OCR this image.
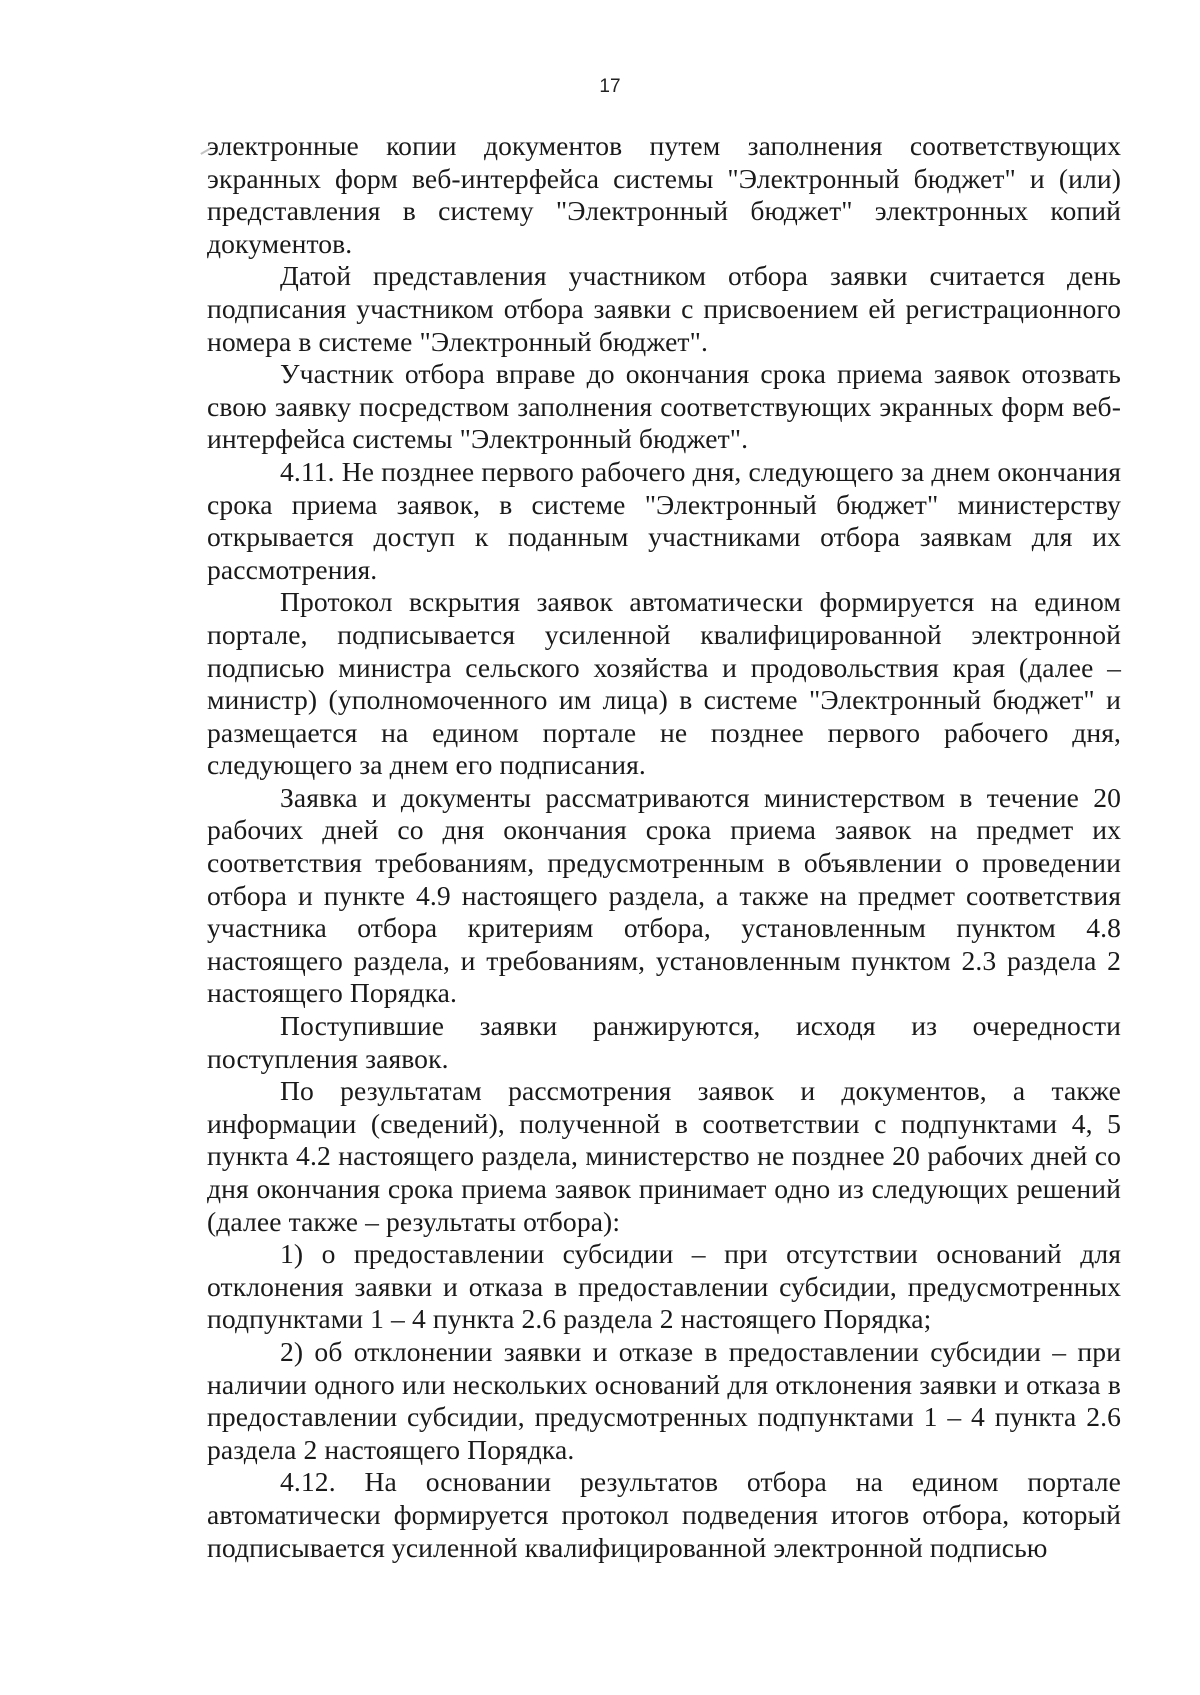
17

электронные копии документов путем заполнения соответствующих экранных форм веб-интерфейса системы "Электронный бюджет" и (или) представления в систему "Электронный бюджет" электронных копий документов.

Датой представления участником отбора заявки считается день подписания участником отбора заявки с присвоением ей регистрационного номера в системе "Электронный бюджет".

Участник отбора вправе до окончания срока приема заявок отозвать свою заявку посредством заполнения соответствующих экранных форм веб-интерфейса системы "Электронный бюджет".

4.11. Не позднее первого рабочего дня, следующего за днем окончания срока приема заявок, в системе "Электронный бюджет" министерству открывается доступ к поданным участниками отбора заявкам для их рассмотрения.

Протокол вскрытия заявок автоматически формируется на едином портале, подписывается усиленной квалифицированной электронной подписью министра сельского хозяйства и продовольствия края (далее – министр) (уполномоченного им лица) в системе "Электронный бюджет" и размещается на едином портале не позднее первого рабочего дня, следующего за днем его подписания.

Заявка и документы рассматриваются министерством в течение 20 рабочих дней со дня окончания срока приема заявок на предмет их соответствия требованиям, предусмотренным в объявлении о проведении отбора и пункте 4.9 настоящего раздела, а также на предмет соответствия участника отбора критериям отбора, установленным пунктом 4.8 настоящего раздела, и требованиям, установленным пунктом 2.3 раздела 2 настоящего Порядка.

Поступившие заявки ранжируются, исходя из очередности поступления заявок.

По результатам рассмотрения заявок и документов, а также информации (сведений), полученной в соответствии с подпунктами 4, 5 пункта 4.2 настоящего раздела, министерство не позднее 20 рабочих дней со дня окончания срока приема заявок принимает одно из следующих решений (далее также – результаты отбора):

1) о предоставлении субсидии – при отсутствии оснований для отклонения заявки и отказа в предоставлении субсидии, предусмотренных подпунктами 1 – 4 пункта 2.6 раздела 2 настоящего Порядка;

2) об отклонении заявки и отказе в предоставлении субсидии – при наличии одного или нескольких оснований для отклонения заявки и отказа в предоставлении субсидии, предусмотренных подпунктами 1 – 4 пункта 2.6 раздела 2 настоящего Порядка.

4.12. На основании результатов отбора на едином портале автоматически формируется протокол подведения итогов отбора, который подписывается усиленной квалифицированной электронной подписью
